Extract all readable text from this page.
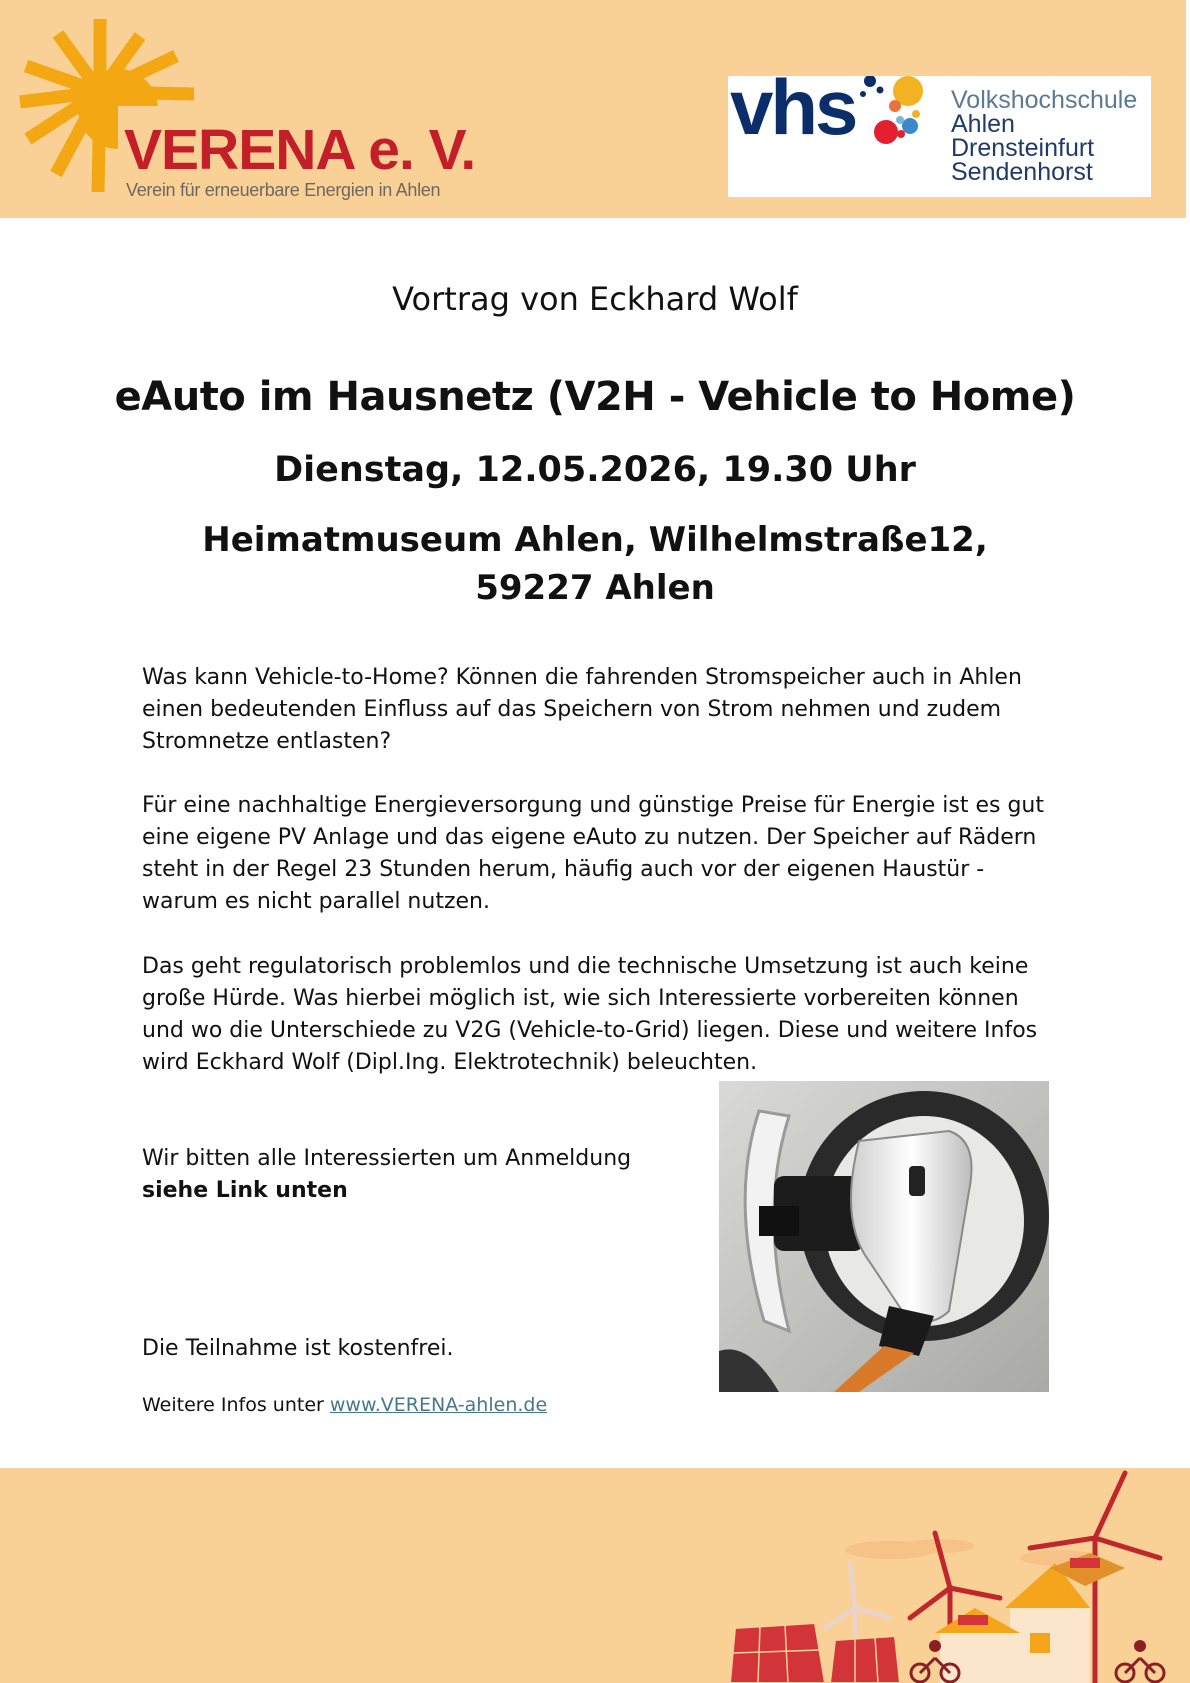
VERENA e. V.
Verein für erneuerbare Energien in Ahlen
vhs	Volkshochschule
Ahlen
Drensteinfurt
Sendenhorst
Vortrag von Eckhard Wolf
eAuto im Hausnetz (V2H - Vehicle to Home)
Dienstag, 12.05.2026, 19.30 Uhr
Heimatmuseum Ahlen, Wilhelmstraße12, 59227 Ahlen

Was kann Vehicle-to-Home? Können die fahrenden Stromspeicher auch in Ahlen einen bedeutenden Einfluss auf das Speichern von Strom nehmen und zudem Stromnetze entlasten?

Für eine nachhaltige Energieversorgung und günstige Preise für Energie ist es gut eine eigene PV Anlage und das eigene eAuto zu nutzen. Der Speicher auf Rädern steht in der Regel 23 Stunden herum, häufig auch vor der eigenen Haustür - warum es nicht parallel nutzen.

Das geht regulatorisch problemlos und die technische Umsetzung ist auch keine große Hürde. Was hierbei möglich ist, wie sich Interessierte vorbereiten können und wo die Unterschiede zu V2G (Vehicle-to-Grid) liegen. Diese und weitere Infos wird Eckhard Wolf (Dipl.Ing. Elektrotechnik) beleuchten.

Wir bitten alle Interessierten um Anmeldung
siehe Link unten
Die Teilnahme ist kostenfrei.
Weitere Infos unter www.VERENA-ahlen.de
